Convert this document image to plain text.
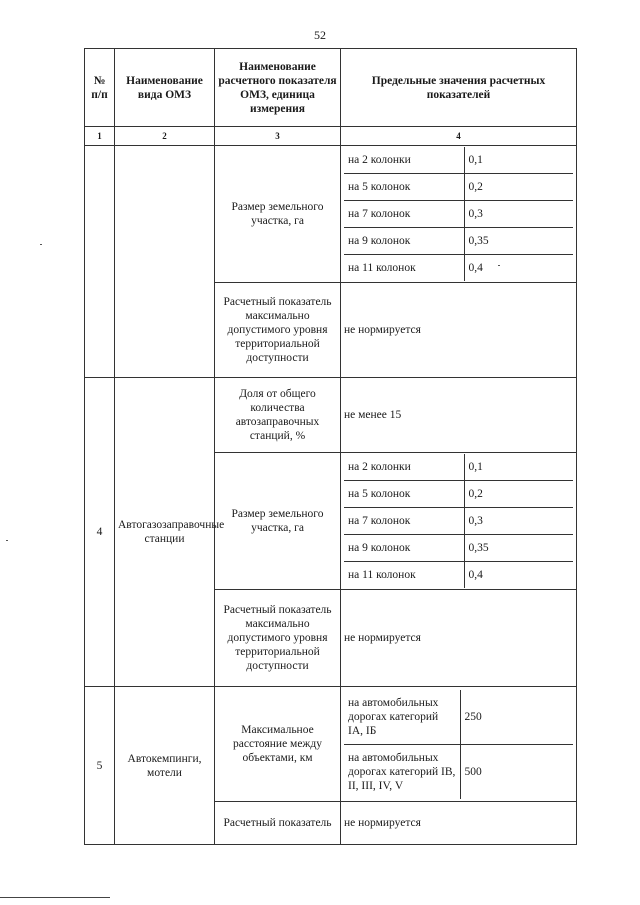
52
№ п/п	Наименование вида ОМЗ	Наименование расчетного показателя ОМЗ, единица измерения	Предельные значения расчетных показателей
1	2	3	4
		Размер земельного участка, га	
на 2 колонки	0,1
на 5 колонок	0,2
на 7 колонок	0,3
на 9 колонок	0,35
на 11 колонок	0,4

Расчетный показатель максимально допустимого уровня территориальной доступности	не нормируется
4	Автогазозаправочные станции	Доля от общего количества автозаправочных станций, %	не менее 15
Размер земельного участка, га	
на 2 колонки	0,1
на 5 колонок	0,2
на 7 колонок	0,3
на 9 колонок	0,35
на 11 колонок	0,4

Расчетный показатель максимально допустимого уровня территориальной доступности	не нормируется
5	Автокемпинги, мотели	Максимальное расстояние между объектами, км	
на автомобильных дорогах категорий IA, IБ	250
на автомобильных дорогах категорий IB, II, III, IV, V	500

Расчетный показатель	не нормируется
